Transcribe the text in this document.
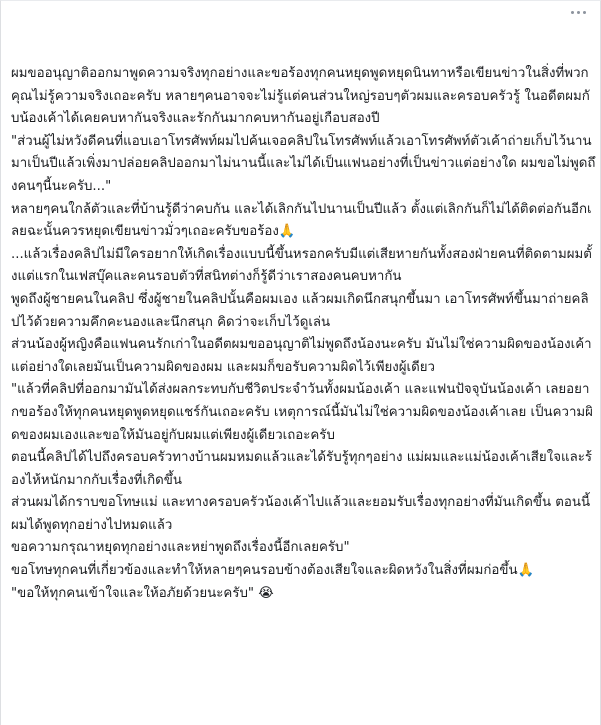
ผมขออนุญาติออกมาพูดความจริงทุกอย่างและขอร้องทุกคนหยุดพูดหยุดนินทาหรือเขียนข่าวในสิ่งที่พวกคุณไม่รู้ความจริงเถอะครับ หลายๆคนอาจจะไม่รู้แต่คนส่วนใหญ่รอบๆตัวผมและครอบครัวรู้ ในอดีตผมกับน้องเค้าได้เคยคบหากันจริงและรักกันมากคบหากันอยู่เกือบสองปี

"ส่วนผู้ไม่หวังดีคนที่แอบเอาโทรศัพท์ผมไปค้นเจอคลิปในโทรศัพท์แล้วเอาโทรศัพท์ตัวเค้าถ่ายเก็บไว้นานมาเป็นปีแล้วเพิ่งมาปล่อยคลิปออกมาไม่นานนี้และไม่ได้เป็นแฟนอย่างที่เป็นข่าวแต่อย่างใด ผมขอไม่พูดถึงคนๆนี้นะครับ..."

หลายๆคนใกล้ตัวและที่บ้านรู้ดีว่าคบกัน และได้เลิกกันไปนานเป็นปีแล้ว ตั้งแต่เลิกกันก็ไม่ได้ติดต่อกันอีกเลยฉะนั้นควรหยุดเขียนข่าวมั่วๆเถอะครับขอร้อง🙏

...แล้วเรื่องคลิปไม่มีใครอยากให้เกิดเรื่องแบบนี้ขึ้นหรอกครับมีแต่เสียหายกันทั้งสองฝ่ายคนที่ติดตามผมตั้งแต่แรกในเฟสบุ๊คและคนรอบตัวที่สนิทต่างก็รู้ดีว่าเราสองคนคบหากัน

พูดถึงผู้ชายคนในคลิป ซึ่งผู้ชายในคลิปนั้นคือผมเอง แล้วผมเกิดนึกสนุกขึ้นมา เอาโทรศัพท์ขึ้นมาถ่ายคลิปไว้ด้วยความคึกคะนองและนึกสนุก คิดว่าจะเก็บไว้ดูเล่น

ส่วนน้องผู้หญิงคือแฟนคนรักเก่าในอดีตผมขออนุญาติไม่พูดถึงน้องนะครับ มันไม่ใช่ความผิดของน้องเค้าแต่อย่างใดเลยมันเป็นความผิดของผม และผมก็ขอรับความผิดไว้เพียงผู้เดียว

"แล้วที่คลิปที่ออกมามันได้ส่งผลกระทบกับชีวิตประจำวันทั้งผมน้องเค้า และแฟนปัจจุบันน้องเค้า เลยอยากขอร้องให้ทุกคนหยุดพูดหยุดแชร์กันเถอะครับ เหตุการณ์นี้มันไม่ใช่ความผิดของน้องเค้าเลย เป็นความผิดของผมเองและขอให้มันอยู่กับผมแต่เพียงผู้เดียวเถอะครับ

ตอนนี้คลิปได้ไปถึงครอบครัวทางบ้านผมหมดแล้วและได้รับรู้ทุกๆอย่าง แม่ผมและแม่น้องเค้าเสียใจและร้องไห้หนักมากกับเรื่องที่เกิดขึ้น

ส่วนผมได้กราบขอโทษแม่ และทางครอบครัวน้องเค้าไปแล้วและยอมรับเรื่องทุกอย่างที่มันเกิดขึ้น ตอนนี้ผมได้พูดทุกอย่างไปหมดแล้ว

ขอความกรุณาหยุดทุกอย่างและหย่าพูดถึงเรื่องนี้อีกเลยครับ"

ขอโทษทุกคนที่เกี่ยวข้องและทำให้หลายๆคนรอบข้างต้องเสียใจและผิดหวังในสิ่งที่ผมก่อขึ้น🙏

"ขอให้ทุกคนเข้าใจและให้อภัยด้วยนะครับ" 😭
